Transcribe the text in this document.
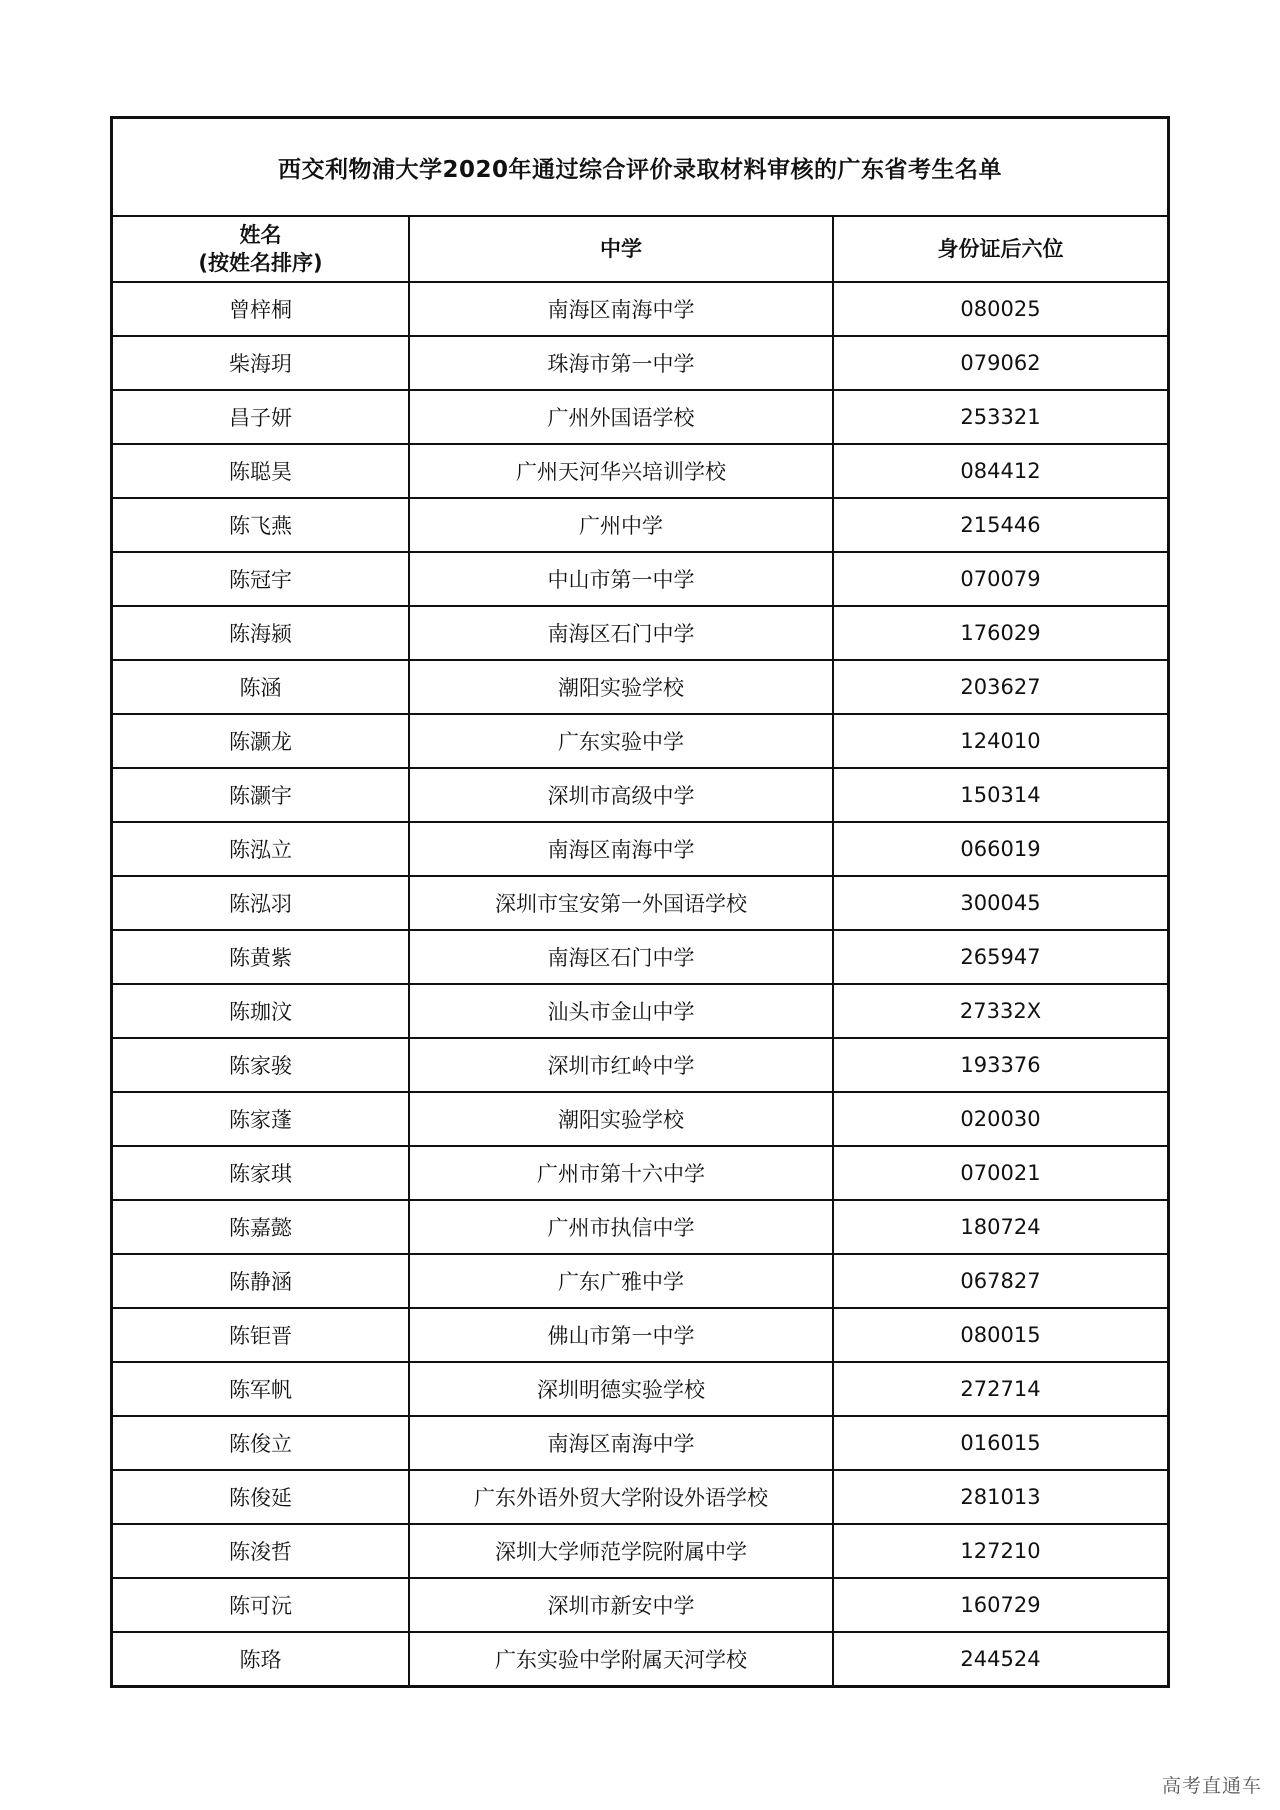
西交利物浦大学2020年通过综合评价录取材料审核的广东省考生名单
姓名
(按姓名排序)	中学	身份证后六位
曾梓桐	南海区南海中学	080025
柴海玥	珠海市第一中学	079062
昌子妍	广州外国语学校	253321
陈聪昊	广州天河华兴培训学校	084412
陈飞燕	广州中学	215446
陈冠宇	中山市第一中学	070079
陈海颍	南海区石门中学	176029
陈涵	潮阳实验学校	203627
陈灏龙	广东实验中学	124010
陈灏宇	深圳市高级中学	150314
陈泓立	南海区南海中学	066019
陈泓羽	深圳市宝安第一外国语学校	300045
陈黄紫	南海区石门中学	265947
陈珈汶	汕头市金山中学	27332X
陈家骏	深圳市红岭中学	193376
陈家蓬	潮阳实验学校	020030
陈家琪	广州市第十六中学	070021
陈嘉懿	广州市执信中学	180724
陈静涵	广东广雅中学	067827
陈钜晋	佛山市第一中学	080015
陈军帆	深圳明德实验学校	272714
陈俊立	南海区南海中学	016015
陈俊延	广东外语外贸大学附设外语学校	281013
陈浚哲	深圳大学师范学院附属中学	127210
陈可沅	深圳市新安中学	160729
陈珞	广东实验中学附属天河学校	244524
高考直通车
